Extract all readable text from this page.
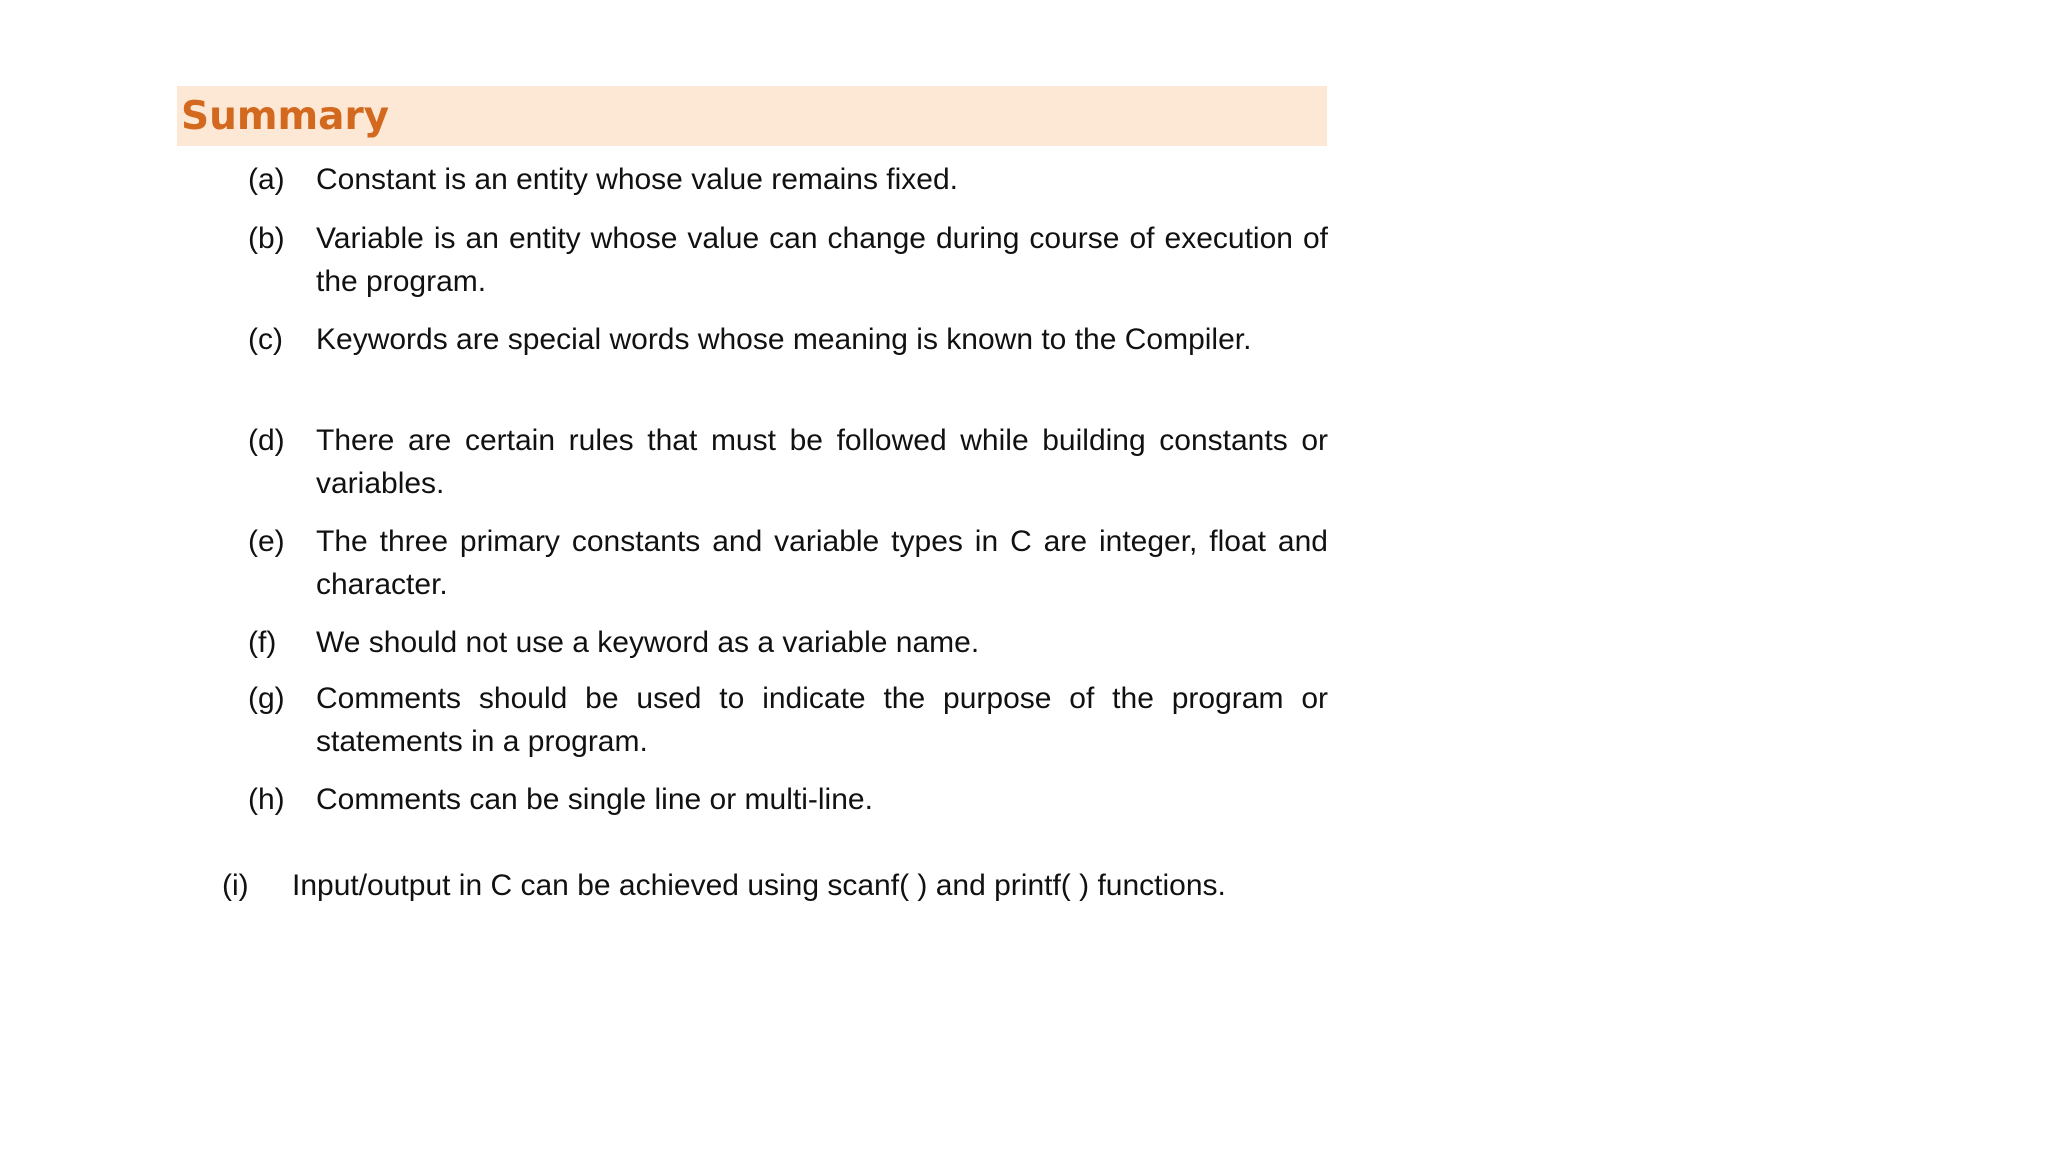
Summary
(a) Constant is an entity whose value remains fixed.
(b) Variable is an entity whose value can change during course of execution of the program.
(c) Keywords are special words whose meaning is known to the Compiler.
(d) There are certain rules that must be followed while building constants or variables.
(e) The three primary constants and variable types in C are integer, float and character.
(f) We should not use a keyword as a variable name.
(g) Comments should be used to indicate the purpose of the program or statements in a program.
(h) Comments can be single line or multi-line.
(i) Input/output in C can be achieved using scanf( ) and printf( ) functions.
